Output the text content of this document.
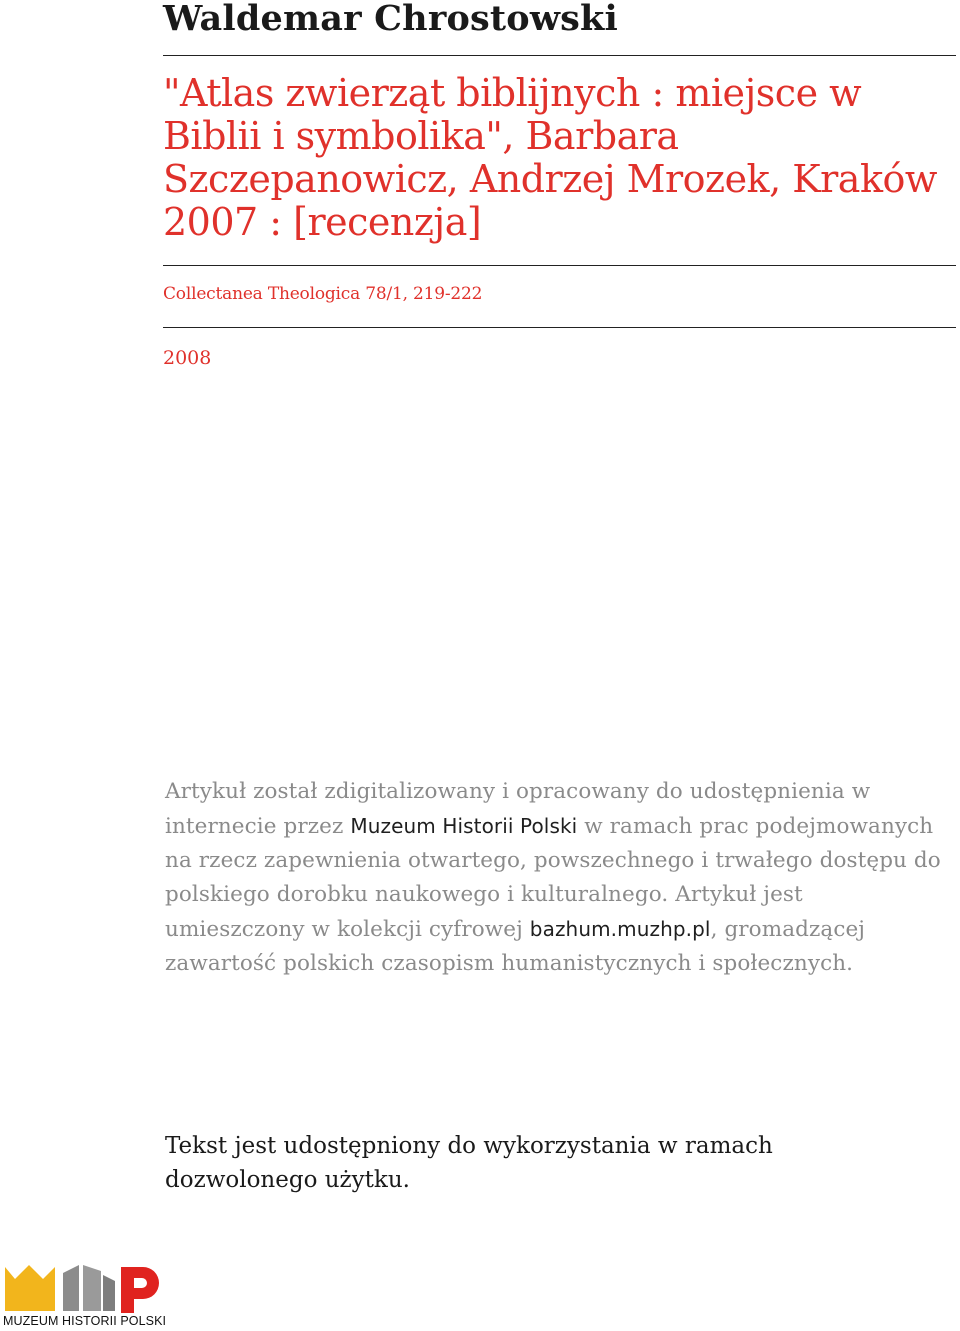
Waldemar Chrostowski
"Atlas zwierząt biblijnych : miejsce w Biblii i symbolika", Barbara Szczepanowicz, Andrzej Mrozek, Kraków 2007 : [recenzja]
Collectanea Theologica 78/1, 219-222
2008

Artykuł został zdigitalizowany i opracowany do udostępnienia w internecie przez Muzeum Historii Polski w ramach prac podejmowanych na rzecz zapewnienia otwartego, powszechnego i trwałego dostępu do polskiego dorobku naukowego i kulturalnego. Artykuł jest umieszczony w kolekcji cyfrowej bazhum.muzhp.pl, gromadzącej zawartość polskich czasopism humanistycznych i społecznych.

Tekst jest udostępniony do wykorzystania w ramach dozwolonego użytku.

MUZEUM HISTORII POLSKI
